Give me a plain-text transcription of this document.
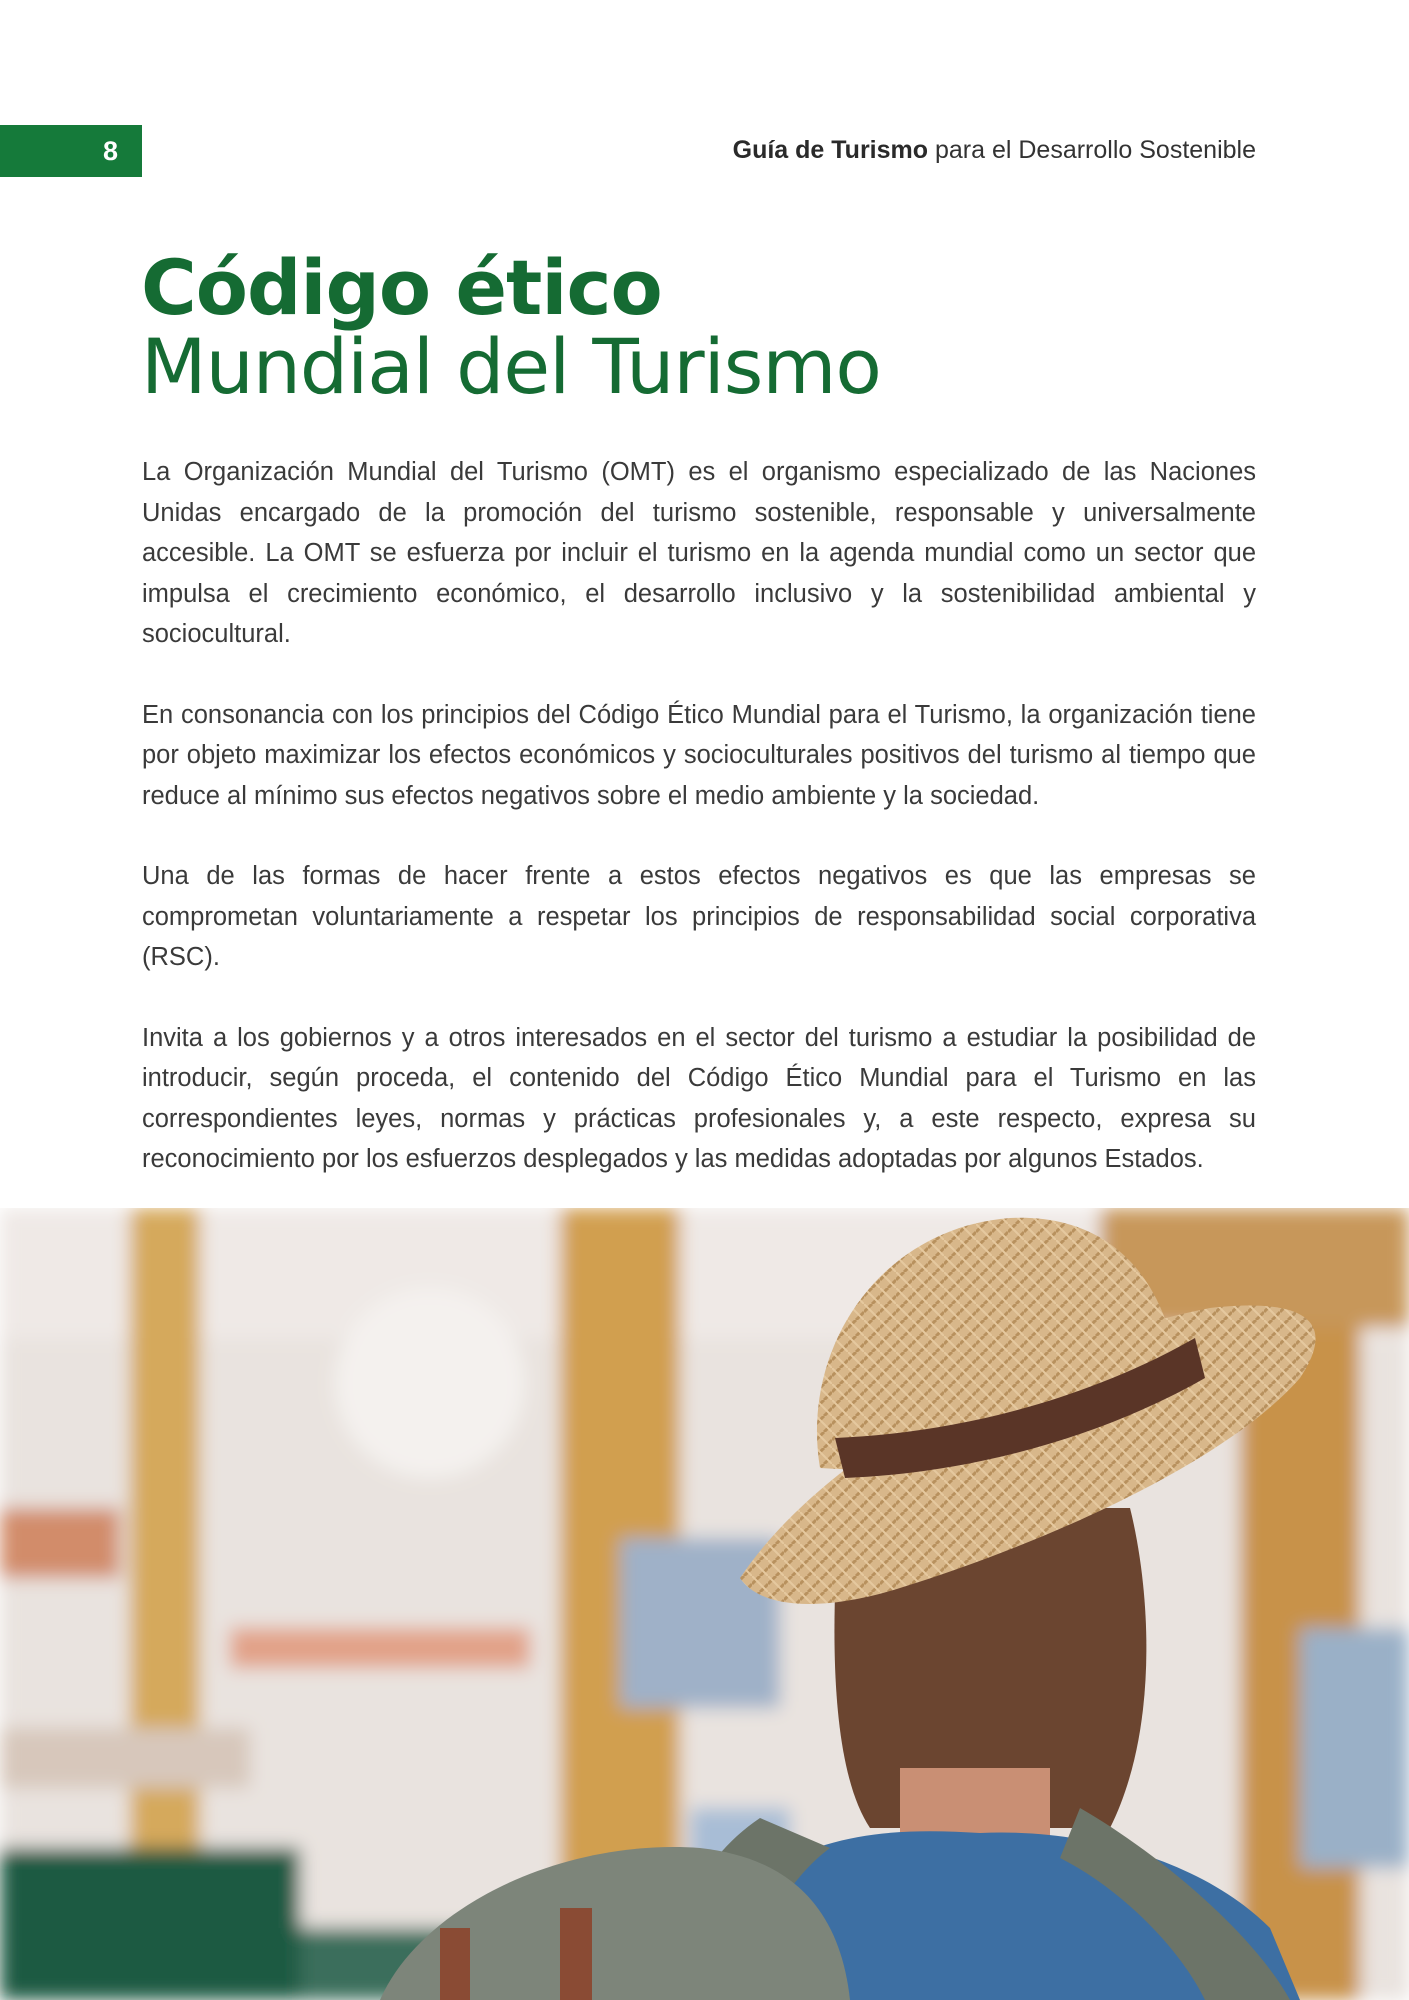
8	Guía de Turismo para el Desarrollo Sostenible
Código ético
Mundial del Turismo

La Organización Mundial del Turismo (OMT) es el organismo especializado de las Naciones Unidas encargado de la promoción del turismo sostenible, responsable y universalmente accesible. La OMT se esfuerza por incluir el turismo en la agenda mundial como un sector que impulsa el crecimiento económico, el desarrollo inclusivo y la sostenibilidad ambiental y sociocultural.

En consonancia con los principios del Código Ético Mundial para el Turismo, la organización tiene por objeto maximizar los efectos económicos y socioculturales positivos del turismo al tiempo que reduce al mínimo sus efectos negativos sobre el medio ambiente y la sociedad.

Una de las formas de hacer frente a estos efectos negativos es que las empresas se comprometan voluntariamente a respetar los principios de responsabilidad social corporativa (RSC).

Invita a los gobiernos y a otros interesados en el sector del turismo a estudiar la posibilidad de introducir, según proceda, el contenido del Código Ético Mundial para el Turismo en las correspondientes leyes, normas y prácticas profesionales y, a este respecto, expresa su reconocimiento por los esfuerzos desplegados y las medidas adoptadas por algunos Estados.
